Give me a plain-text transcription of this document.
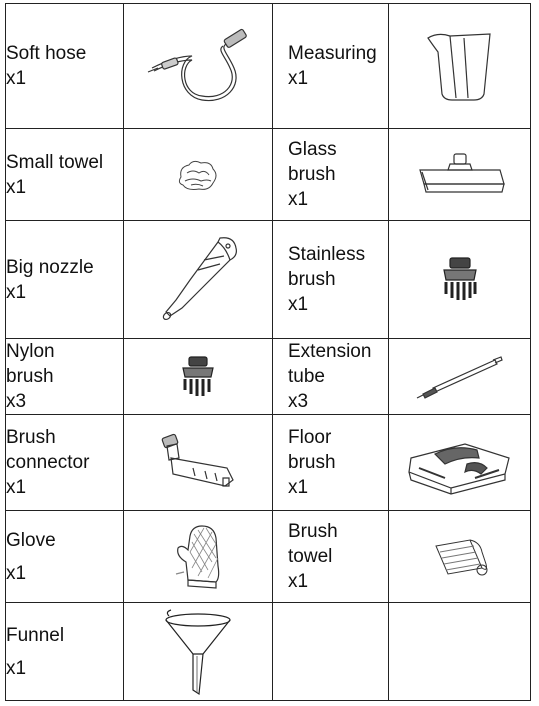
Soft hose
x1		Measuring
x1

Small towel
x1		Glass
brush
x1

Big nozzle
x1		Stainless
brush
x1

Nylon
brush
x3		Extension
tube
x3

Brush
connector
x1		Floor
brush
x1

Glove
x1		Brush
towel
x1

Funnel
x1
